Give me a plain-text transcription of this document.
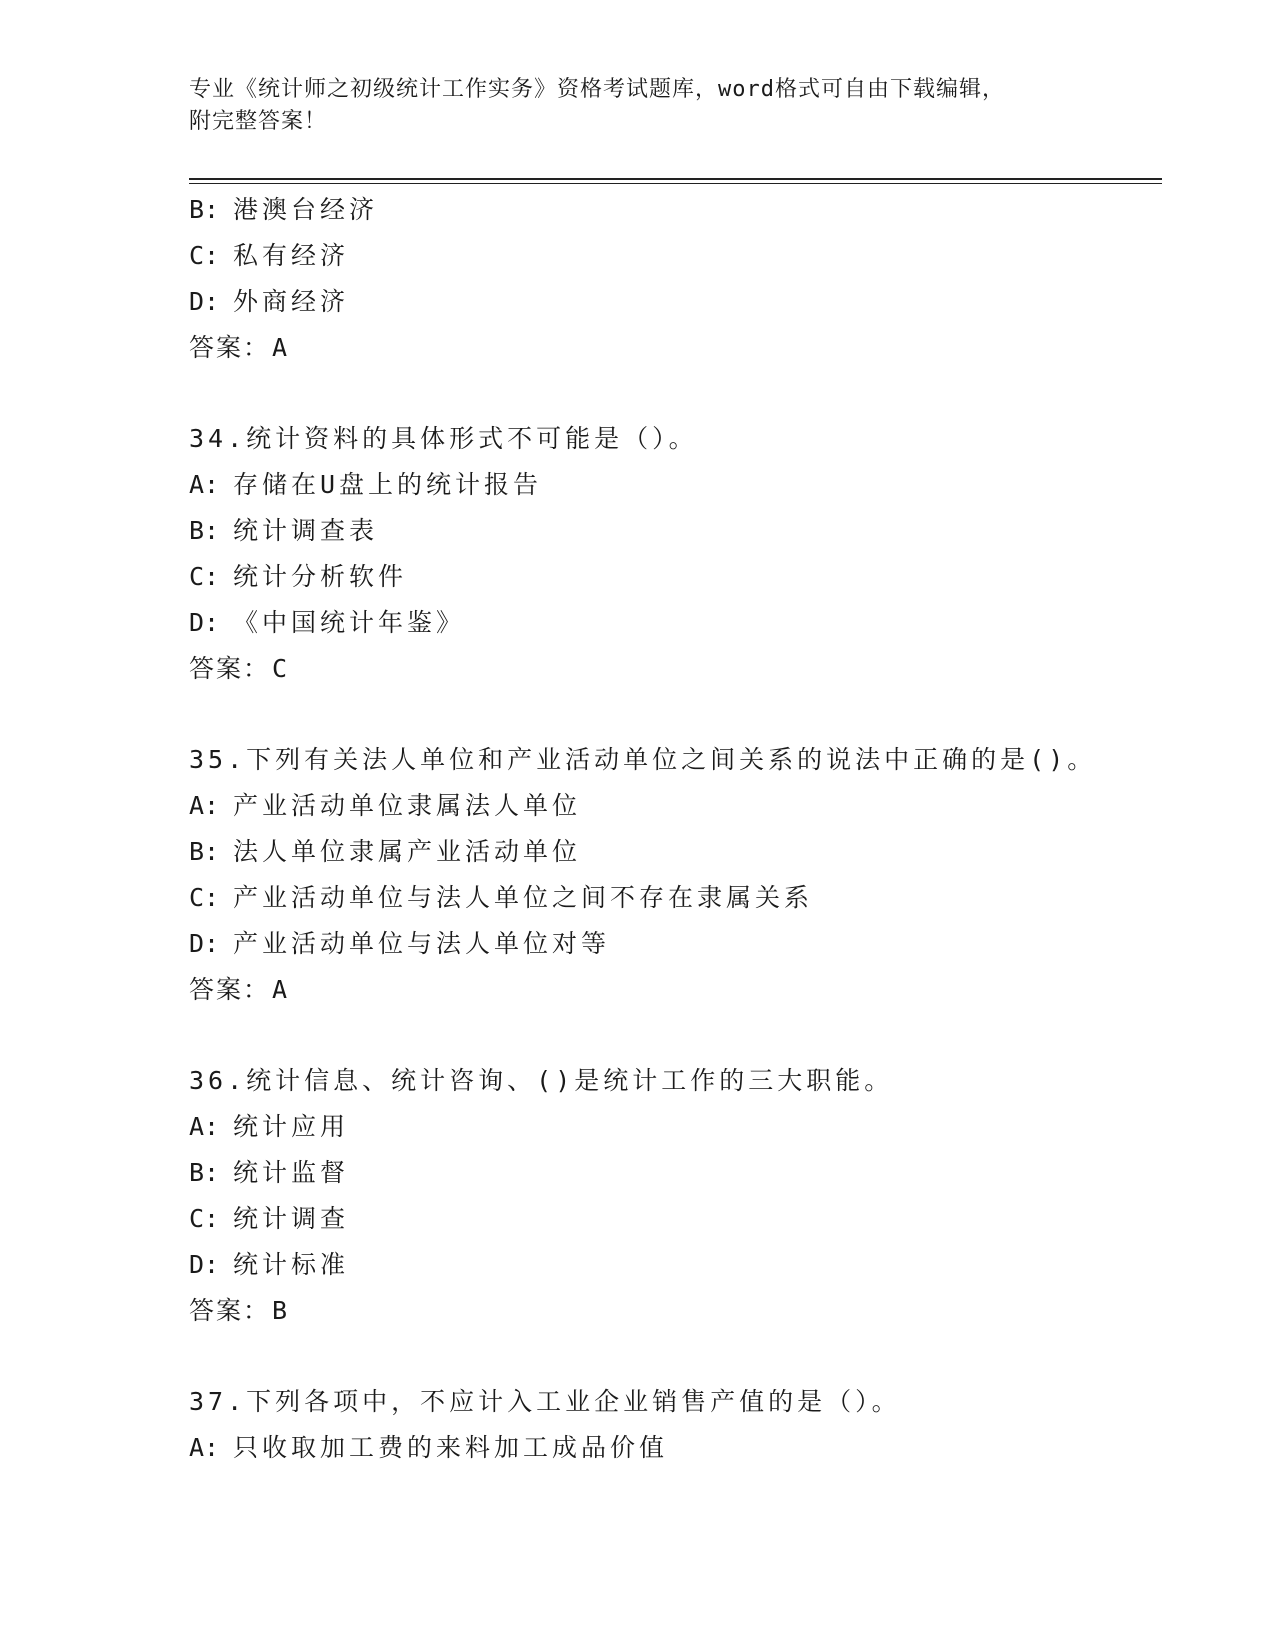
专业《统计师之初级统计工作实务》资格考试题库，word格式可自由下载编辑，
附完整答案！
B: 港澳台经济
C: 私有经济
D: 外商经济
答案：A
34.统计资料的具体形式不可能是（）。
A: 存储在U盘上的统计报告
B: 统计调查表
C: 统计分析软件
D: 《中国统计年鉴》
答案：C
35.下列有关法人单位和产业活动单位之间关系的说法中正确的是()。
A: 产业活动单位隶属法人单位
B: 法人单位隶属产业活动单位
C: 产业活动单位与法人单位之间不存在隶属关系
D: 产业活动单位与法人单位对等
答案：A
36.统计信息、统计咨询、()是统计工作的三大职能。
A: 统计应用
B: 统计监督
C: 统计调查
D: 统计标准
答案：B
37.下列各项中，不应计入工业企业销售产值的是（）。
A: 只收取加工费的来料加工成品价值
